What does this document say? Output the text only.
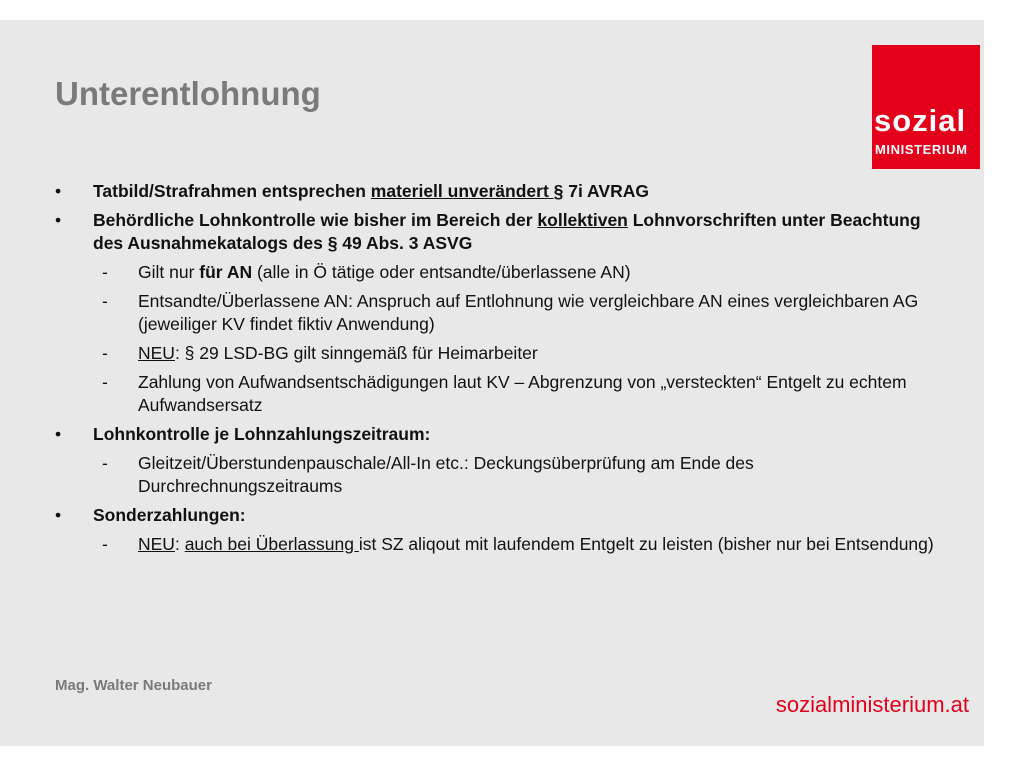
Unterentlohnung
sozial
MINISTERIUM
• Tatbild/Strafrahmen entsprechen materiell unverändert § 7i AVRAG
• Behördliche Lohnkontrolle wie bisher im Bereich der kollektiven Lohnvorschriften unter Beachtung des Ausnahmekatalogs des § 49 Abs. 3 ASVG
- Gilt nur für AN (alle in Ö tätige oder entsandte/überlassene AN)
- Entsandte/Überlassene AN: Anspruch auf Entlohnung wie vergleichbare AN eines vergleichbaren AG (jeweiliger KV findet fiktiv Anwendung)
- NEU: § 29 LSD-BG gilt sinngemäß für Heimarbeiter
- Zahlung von Aufwandsentschädigungen laut KV – Abgrenzung von „versteckten“ Entgelt zu echtem Aufwandsersatz
• Lohnkontrolle je Lohnzahlungszeitraum:
- Gleitzeit/Überstundenpauschale/All-In etc.: Deckungsüberprüfung am Ende des Durchrechnungszeitraums
• Sonderzahlungen:
- NEU: auch bei Überlassung ist SZ aliqout mit laufendem Entgelt zu leisten (bisher nur bei Entsendung)
Mag. Walter Neubauer
sozialministerium.at
